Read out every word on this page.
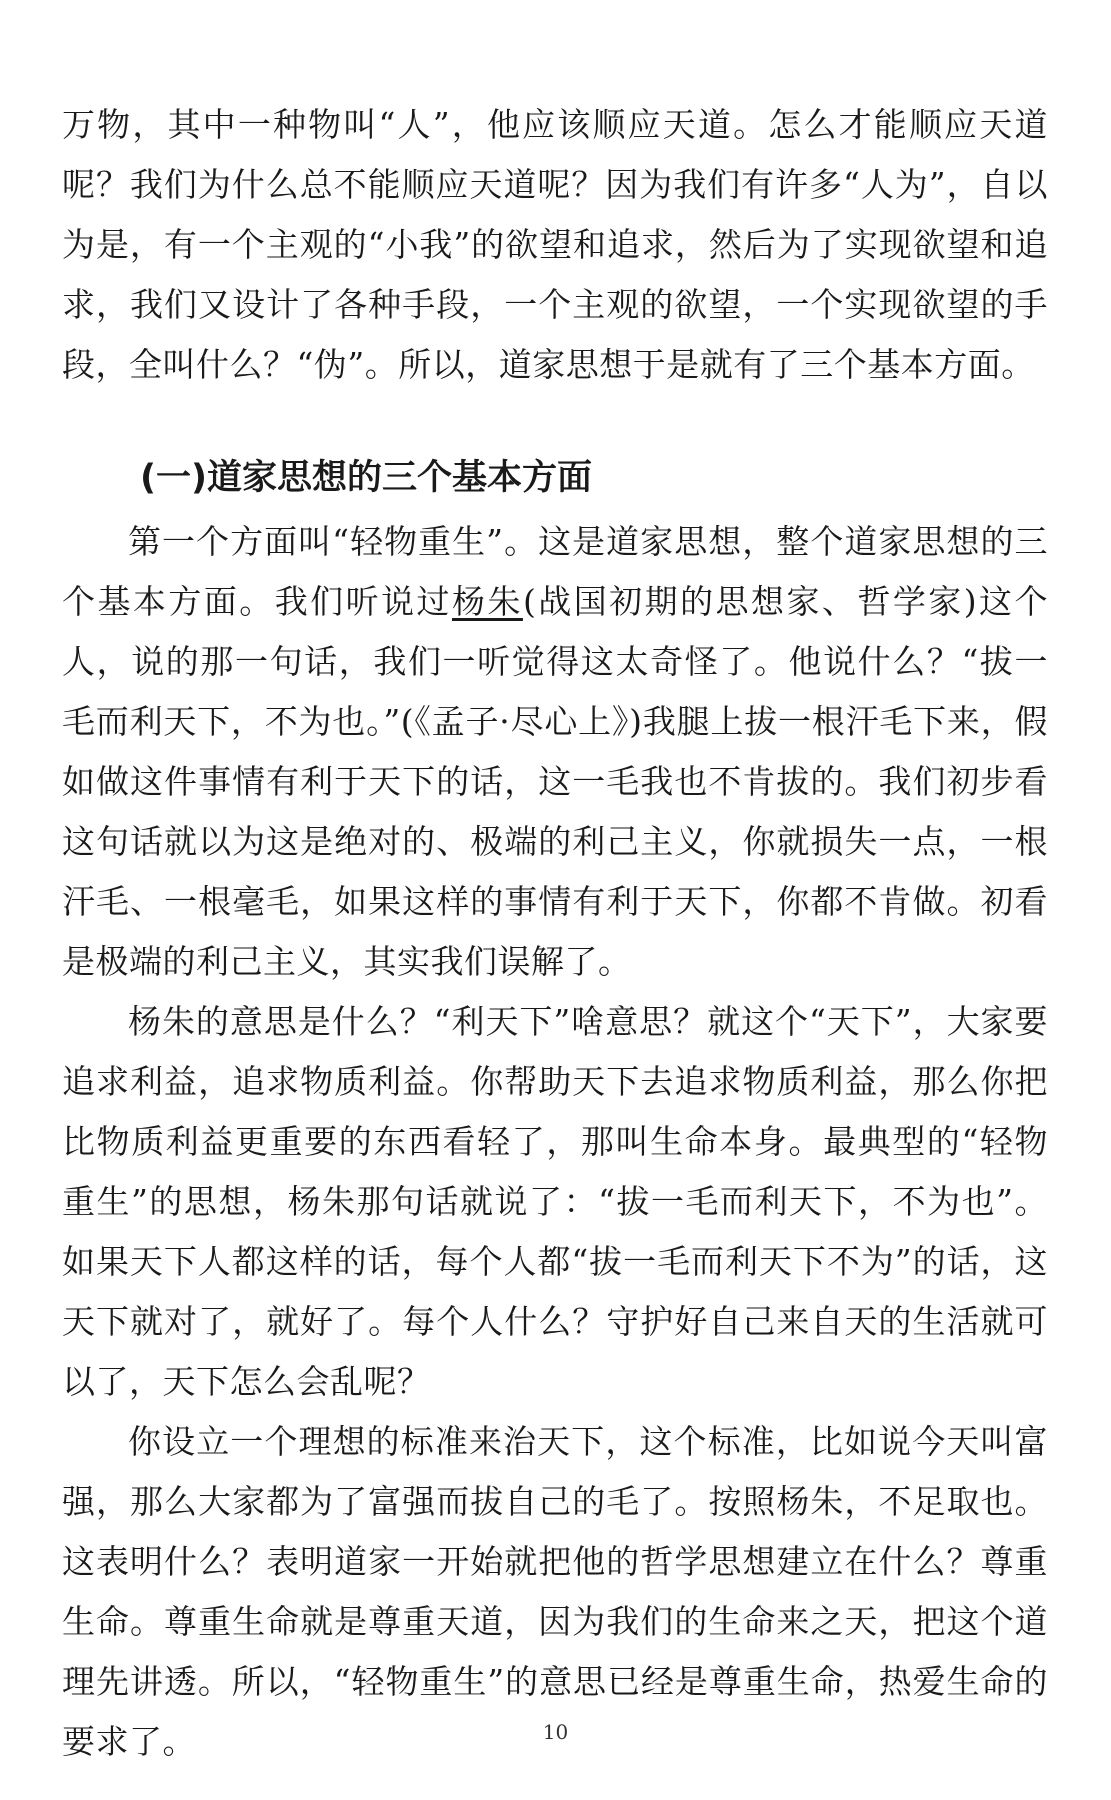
万物，其中一种物叫“人”，他应该顺应天道。怎么才能顺应天道呢？我们为什么总不能顺应天道呢？因为我们有许多“人为”，自以为是，有一个主观的“小我”的欲望和追求，然后为了实现欲望和追求，我们又设计了各种手段，一个主观的欲望，一个实现欲望的手段，全叫什么？“伪”。所以，道家思想于是就有了三个基本方面。

(一)道家思想的三个基本方面

第一个方面叫“轻物重生”。这是道家思想，整个道家思想的三个基本方面。我们听说过杨朱(战国初期的思想家、哲学家)这个人，说的那一句话，我们一听觉得这太奇怪了。他说什么？“拔一毛而利天下，不为也。”(《孟子·尽心上》)我腿上拔一根汗毛下来，假如做这件事情有利于天下的话，这一毛我也不肯拔的。我们初步看这句话就以为这是绝对的、极端的利己主义，你就损失一点，一根汗毛、一根毫毛，如果这样的事情有利于天下，你都不肯做。初看是极端的利己主义，其实我们误解了。

杨朱的意思是什么？“利天下”啥意思？就这个“天下”，大家要追求利益，追求物质利益。你帮助天下去追求物质利益，那么你把比物质利益更重要的东西看轻了，那叫生命本身。最典型的“轻物重生”的思想，杨朱那句话就说了：“拔一毛而利天下，不为也”。如果天下人都这样的话，每个人都“拔一毛而利天下不为”的话，这天下就对了，就好了。每个人什么？守护好自己来自天的生活就可以了，天下怎么会乱呢？

你设立一个理想的标准来治天下，这个标准，比如说今天叫富强，那么大家都为了富强而拔自己的毛了。按照杨朱，不足取也。这表明什么？表明道家一开始就把他的哲学思想建立在什么？尊重生命。尊重生命就是尊重天道，因为我们的生命来之天，把这个道理先讲透。所以，“轻物重生”的意思已经是尊重生命，热爱生命的要求了。	10
